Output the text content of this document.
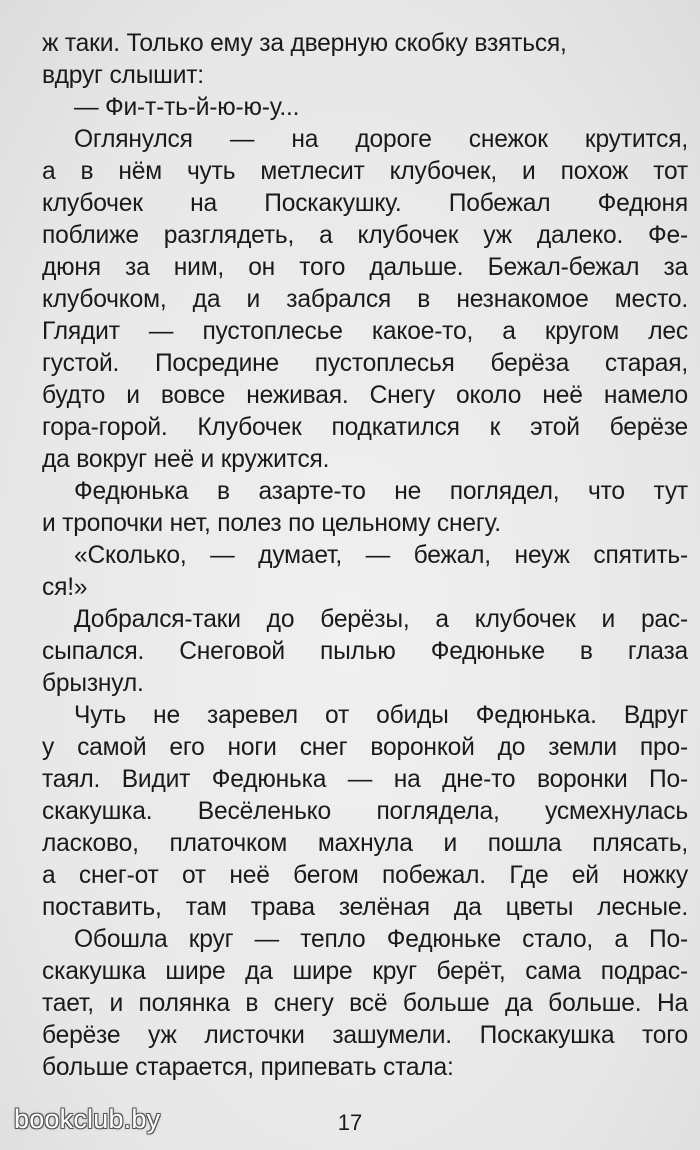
ж таки. Только ему за дверную скобку взяться,
вдруг слышит:
— Фи-т-ть-й-ю-ю-у...
Оглянулся — на дороге снежок крутится,
а в нём чуть метлесит клубочек, и похож тот
клубочек на Поскакушку. Побежал Федюня
поближе разглядеть, а клубочек уж далеко. Фе-
дюня за ним, он того дальше. Бежал-бежал за
клубочком, да и забрался в незнакомое место.
Глядит — пустоплесье какое-то, а кругом лес
густой. Посредине пустоплесья берёза старая,
будто и вовсе неживая. Снегу около неё намело
гора-горой. Клубочек подкатился к этой берёзе
да вокруг неё и кружится.
Федюнька в азарте-то не поглядел, что тут
и тропочки нет, полез по цельному снегу.
«Сколько, — думает, — бежал, неуж спятить-
ся!»
Добрался-таки до берёзы, а клубочек и рас-
сыпался. Снеговой пылью Федюньке в глаза
брызнул.
Чуть не заревел от обиды Федюнька. Вдруг
у самой его ноги снег воронкой до земли про-
таял. Видит Федюнька — на дне-то воронки По-
скакушка. Весёленько поглядела, усмехнулась
ласково, платочком махнула и пошла плясать,
а снег-от от неё бегом побежал. Где ей ножку
поставить, там трава зелёная да цветы лесные.
Обошла круг — тепло Федюньке стало, а По-
скакушка шире да шире круг берёт, сама подрас-
тает, и полянка в снегу всё больше да больше. На
берёзе уж листочки зашумели. Поскакушка того
больше старается, припевать стала:
17
bookclub.by
